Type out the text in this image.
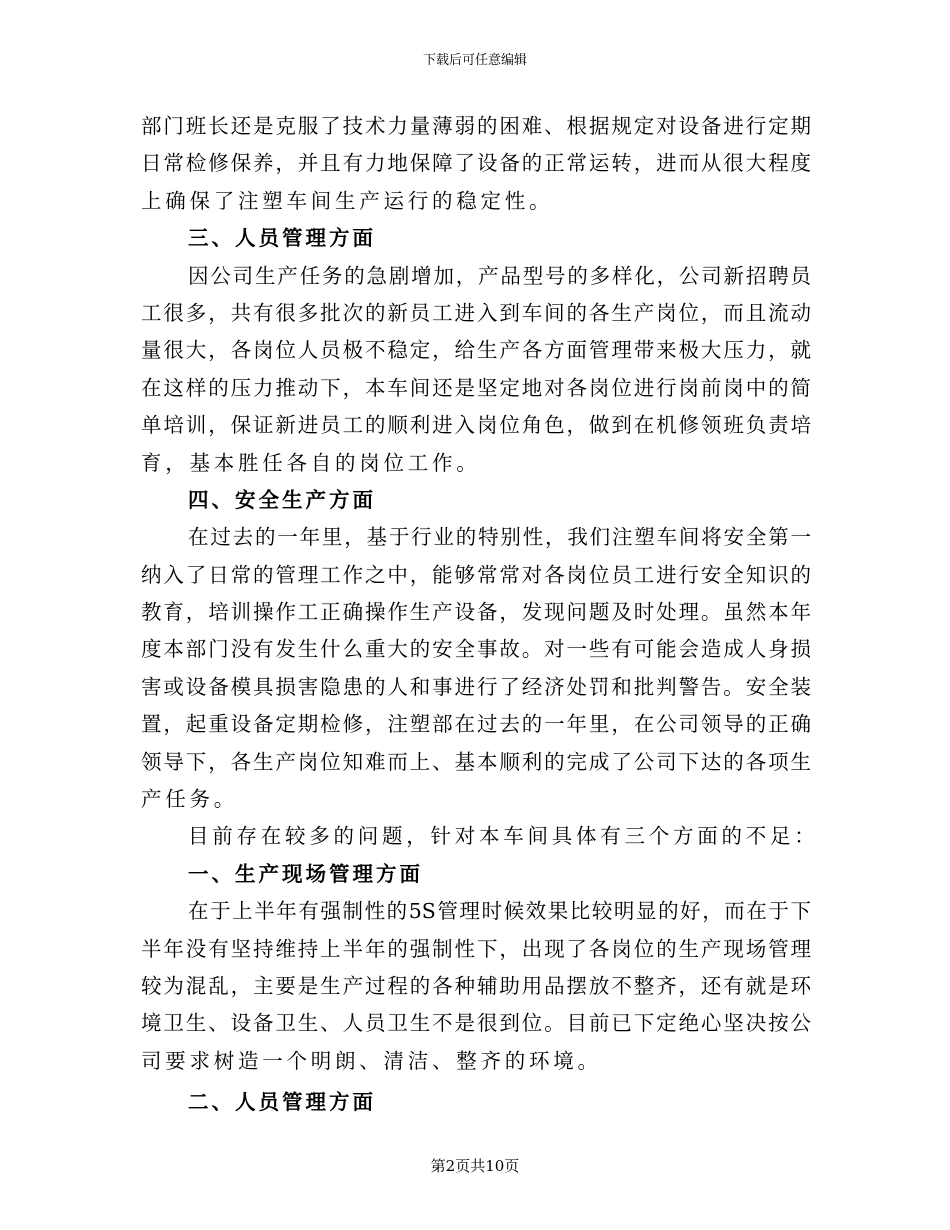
下载后可任意编辑
部门班长还是克服了技术力量薄弱的困难、根据规定对设备进行定期
日常检修保养，并且有力地保障了设备的正常运转，进而从很大程度
上确保了注塑车间生产运行的稳定性。
三、人员管理方面
因公司生产任务的急剧增加，产品型号的多样化，公司新招聘员
工很多，共有很多批次的新员工进入到车间的各生产岗位，而且流动
量很大，各岗位人员极不稳定，给生产各方面管理带来极大压力，就
在这样的压力推动下，本车间还是坚定地对各岗位进行岗前岗中的简
单培训，保证新进员工的顺利进入岗位角色，做到在机修领班负责培
育，基本胜任各自的岗位工作。
四、安全生产方面
在过去的一年里，基于行业的特别性，我们注塑车间将安全第一
纳入了日常的管理工作之中，能够常常对各岗位员工进行安全知识的
教育，培训操作工正确操作生产设备，发现问题及时处理。虽然本年
度本部门没有发生什么重大的安全事故。对一些有可能会造成人身损
害或设备模具损害隐患的人和事进行了经济处罚和批判警告。安全装
置，起重设备定期检修，注塑部在过去的一年里，在公司领导的正确
领导下，各生产岗位知难而上、基本顺利的完成了公司下达的各项生
产任务。
目前存在较多的问题，针对本车间具体有三个方面的不足：
一、生产现场管理方面
在于上半年有强制性的5S管理时候效果比较明显的好，而在于下
半年没有坚持维持上半年的强制性下，出现了各岗位的生产现场管理
较为混乱，主要是生产过程的各种辅助用品摆放不整齐，还有就是环
境卫生、设备卫生、人员卫生不是很到位。目前已下定绝心坚决按公
司要求树造一个明朗、清洁、整齐的环境。
二、人员管理方面
第2页共10页
